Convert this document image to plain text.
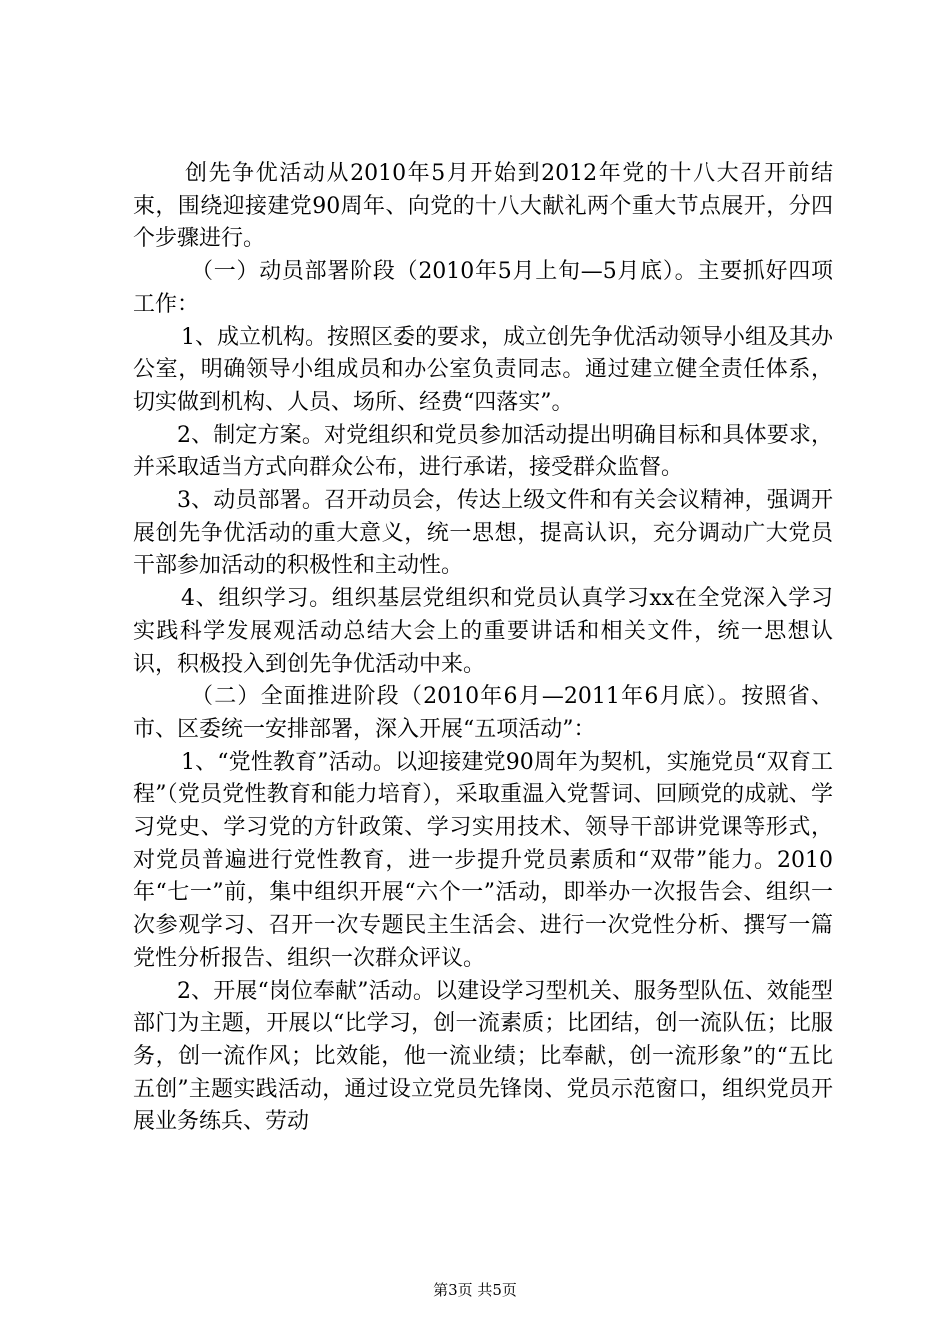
创先争优活动从2010年5月开始到2012年党的十八大召开前结束，围绕迎接建党90周年、向党的十八大献礼两个重大节点展开，分四个步骤进行。

（一）动员部署阶段（2010年5月上旬—5月底）。主要抓好四项工作：

1、成立机构。按照区委的要求，成立创先争优活动领导小组及其办公室，明确领导小组成员和办公室负责同志。通过建立健全责任体系，切实做到机构、人员、场所、经费“四落实”。

2、制定方案。对党组织和党员参加活动提出明确目标和具体要求，并采取适当方式向群众公布，进行承诺，接受群众监督。

3、动员部署。召开动员会，传达上级文件和有关会议精神，强调开展创先争优活动的重大意义，统一思想，提高认识，充分调动广大党员干部参加活动的积极性和主动性。

4、组织学习。组织基层党组织和党员认真学习xx在全党深入学习实践科学发展观活动总结大会上的重要讲话和相关文件，统一思想认识，积极投入到创先争优活动中来。

（二）全面推进阶段（2010年6月—2011年6月底）。按照省、市、区委统一安排部署，深入开展“五项活动”：

1、“党性教育”活动。以迎接建党90周年为契机，实施党员“双育工程”（党员党性教育和能力培育），采取重温入党誓词、回顾党的成就、学习党史、学习党的方针政策、学习实用技术、领导干部讲党课等形式，对党员普遍进行党性教育，进一步提升党员素质和“双带”能力。2010年“七一”前，集中组织开展“六个一”活动，即举办一次报告会、组织一次参观学习、召开一次专题民主生活会、进行一次党性分析、撰写一篇党性分析报告、组织一次群众评议。

2、开展“岗位奉献”活动。以建设学习型机关、服务型队伍、效能型部门为主题，开展以“比学习，创一流素质；比团结，创一流队伍；比服务，创一流作风；比效能，他一流业绩；比奉献，创一流形象”的“五比五创”主题实践活动，通过设立党员先锋岗、党员示范窗口，组织党员开展业务练兵、劳动

第3页 共5页
